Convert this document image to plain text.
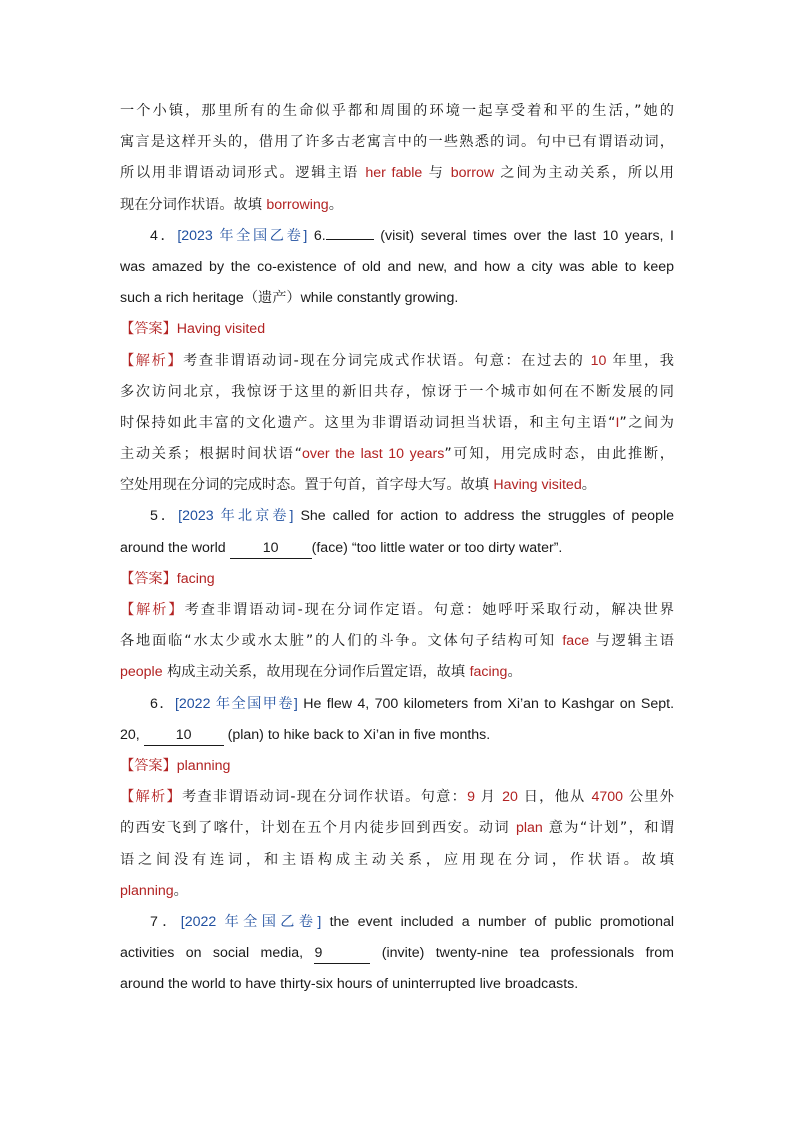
一个小镇，那里所有的生命似乎都和周围的环境一起享受着和平的生活，”她的
寓言是这样开头的，借用了许多古老寓言中的一些熟悉的词。句中已有谓语动词，
所以用非谓语动词形式。逻辑主语 her fable 与 borrow 之间为主动关系，所以用
现在分词作状语。故填 borrowing。
4．[2023 年全国乙卷] 6.	(visit) several times over the last 10 years, I
was amazed by the co-existence of old and new, and how a city was able to keep
such a rich heritage（遗产）while constantly growing.
【答案】Having visited
【解析】考查非谓语动词-现在分词完成式作状语。句意：在过去的 10 年里，我
多次访问北京，我惊讶于这里的新旧共存，惊讶于一个城市如何在不断发展的同
时保持如此丰富的文化遗产。这里为非谓语动词担当状语，和主句主语“I”之间为
主动关系；根据时间状语“over the last 10 years”可知，用完成时态，由此推断，
空处用现在分词的完成时态。置于句首，首字母大写。故填 Having visited。
5．[2023 年北京卷] She called for action to address the struggles of people
around the world 10 (face) “too little water or too dirty water”.
【答案】facing
【解析】考查非谓语动词-现在分词作定语。句意：她呼吁采取行动，解决世界
各地面临“水太少或水太脏”的人们的斗争。文体句子结构可知 face 与逻辑主语
people 构成主动关系，故用现在分词作后置定语，故填 facing。
6．[2022 年全国甲卷] He flew 4, 700 kilometers from Xi’an to Kashgar on Sept.
20, 10 (plan) to hike back to Xi’an in five months.
【答案】planning
【解析】考查非谓语动词-现在分词作状语。句意：9 月 20 日，他从 4700 公里外
的西安飞到了喀什，计划在五个月内徒步回到西安。动词 plan 意为“计划”，和谓
语之间没有连词，和主语构成主动关系，应用现在分词，作状语。故填
planning。
7．[2022 年全国乙卷] the event included a number of public promotional
activities on social media, 9	(invite) twenty-nine tea professionals from
around the world to have thirty-six hours of uninterrupted live broadcasts.
